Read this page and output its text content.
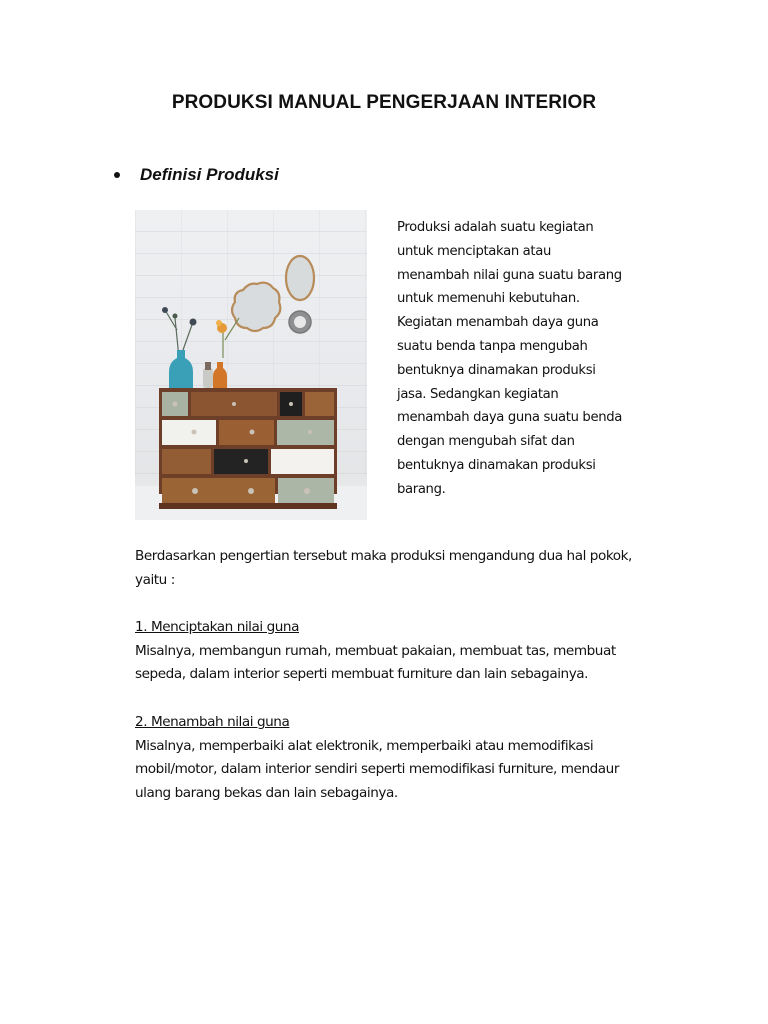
PRODUKSI MANUAL PENGERJAAN INTERIOR
Definisi Produksi
Produksi adalah suatu kegiatan
untuk menciptakan atau
menambah nilai guna suatu barang
untuk memenuhi kebutuhan.
Kegiatan menambah daya guna
suatu benda tanpa mengubah
bentuknya dinamakan produksi
jasa. Sedangkan kegiatan
menambah daya guna suatu benda
dengan mengubah sifat dan
bentuknya dinamakan produksi
barang.
Berdasarkan pengertian tersebut maka produksi mengandung dua hal pokok,
yaitu :
1. Menciptakan nilai guna
Misalnya, membangun rumah, membuat pakaian, membuat tas, membuat
sepeda, dalam interior seperti membuat furniture dan lain sebagainya.
2. Menambah nilai guna
Misalnya, memperbaiki alat elektronik, memperbaiki atau memodifikasi
mobil/motor, dalam interior sendiri seperti memodifikasi furniture, mendaur
ulang barang bekas dan lain sebagainya.
